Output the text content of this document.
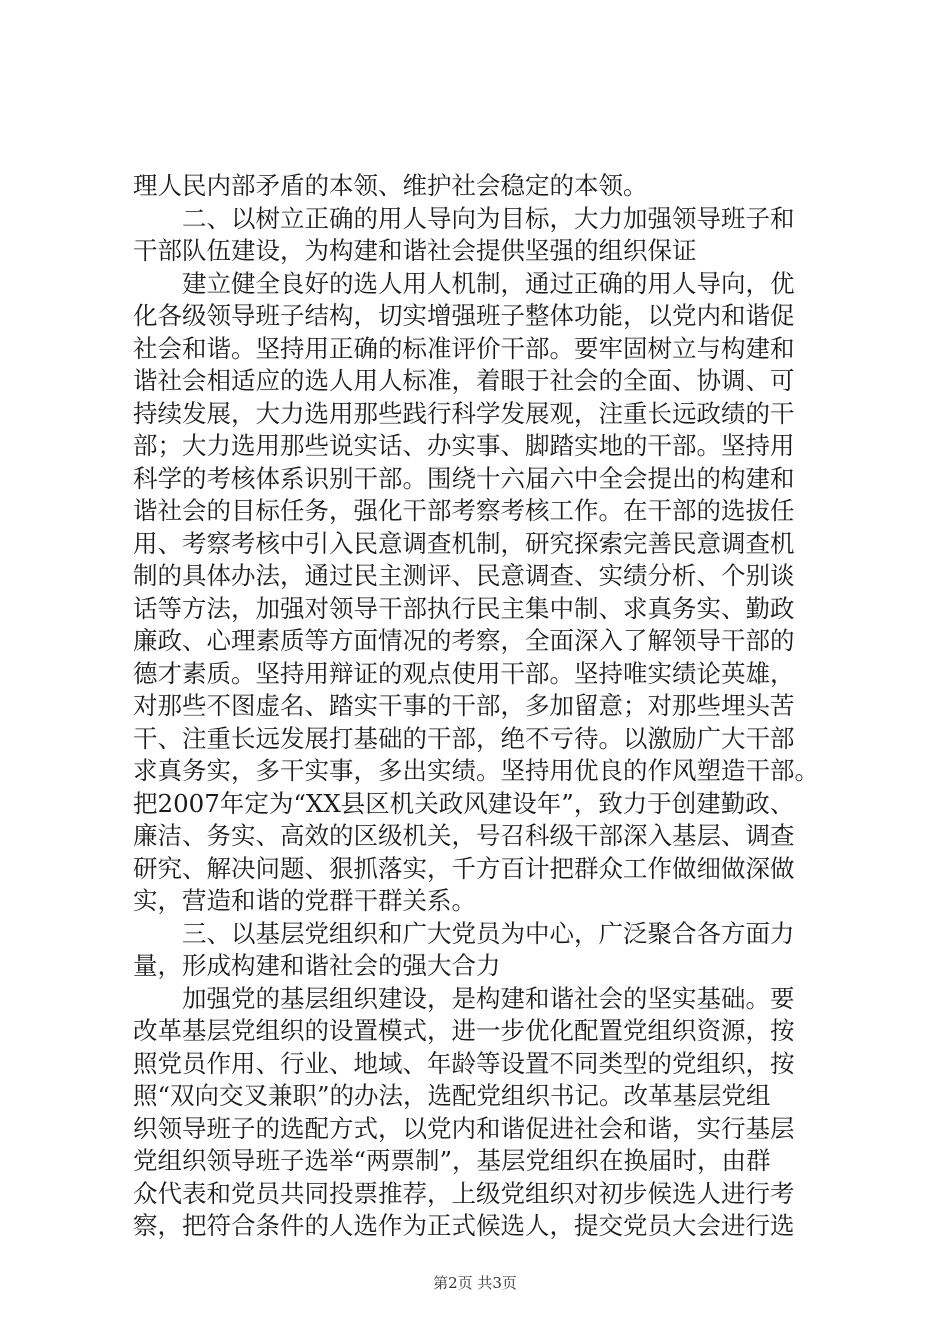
理人民内部矛盾的本领、维护社会稳定的本领。
　　二、以树立正确的用人导向为目标，大力加强领导班子和
干部队伍建设，为构建和谐社会提供坚强的组织保证
　　建立健全良好的选人用人机制，通过正确的用人导向，优
化各级领导班子结构，切实增强班子整体功能，以党内和谐促
社会和谐。坚持用正确的标准评价干部。要牢固树立与构建和
谐社会相适应的选人用人标准，着眼于社会的全面、协调、可
持续发展，大力选用那些践行科学发展观，注重长远政绩的干
部；大力选用那些说实话、办实事、脚踏实地的干部。坚持用
科学的考核体系识别干部。围绕十六届六中全会提出的构建和
谐社会的目标任务，强化干部考察考核工作。在干部的选拔任
用、考察考核中引入民意调查机制，研究探索完善民意调查机
制的具体办法，通过民主测评、民意调查、实绩分析、个别谈
话等方法，加强对领导干部执行民主集中制、求真务实、勤政
廉政、心理素质等方面情况的考察，全面深入了解领导干部的
德才素质。坚持用辩证的观点使用干部。坚持唯实绩论英雄，
对那些不图虚名、踏实干事的干部，多加留意；对那些埋头苦
干、注重长远发展打基础的干部，绝不亏待。以激励广大干部
求真务实，多干实事，多出实绩。坚持用优良的作风塑造干部。
把2007年定为“XX县区机关政风建设年”，致力于创建勤政、
廉洁、务实、高效的区级机关，号召科级干部深入基层、调查
研究、解决问题、狠抓落实，千方百计把群众工作做细做深做
实，营造和谐的党群干群关系。
　　三、以基层党组织和广大党员为中心，广泛聚合各方面力
量，形成构建和谐社会的强大合力
　　加强党的基层组织建设，是构建和谐社会的坚实基础。要
改革基层党组织的设置模式，进一步优化配置党组织资源，按
照党员作用、行业、地域、年龄等设置不同类型的党组织，按
照“双向交叉兼职”的办法，选配党组织书记。改革基层党组
织领导班子的选配方式，以党内和谐促进社会和谐，实行基层
党组织领导班子选举“两票制”，基层党组织在换届时，由群
众代表和党员共同投票推荐，上级党组织对初步候选人进行考
察，把符合条件的人选作为正式候选人，提交党员大会进行选
第2页 共3页
